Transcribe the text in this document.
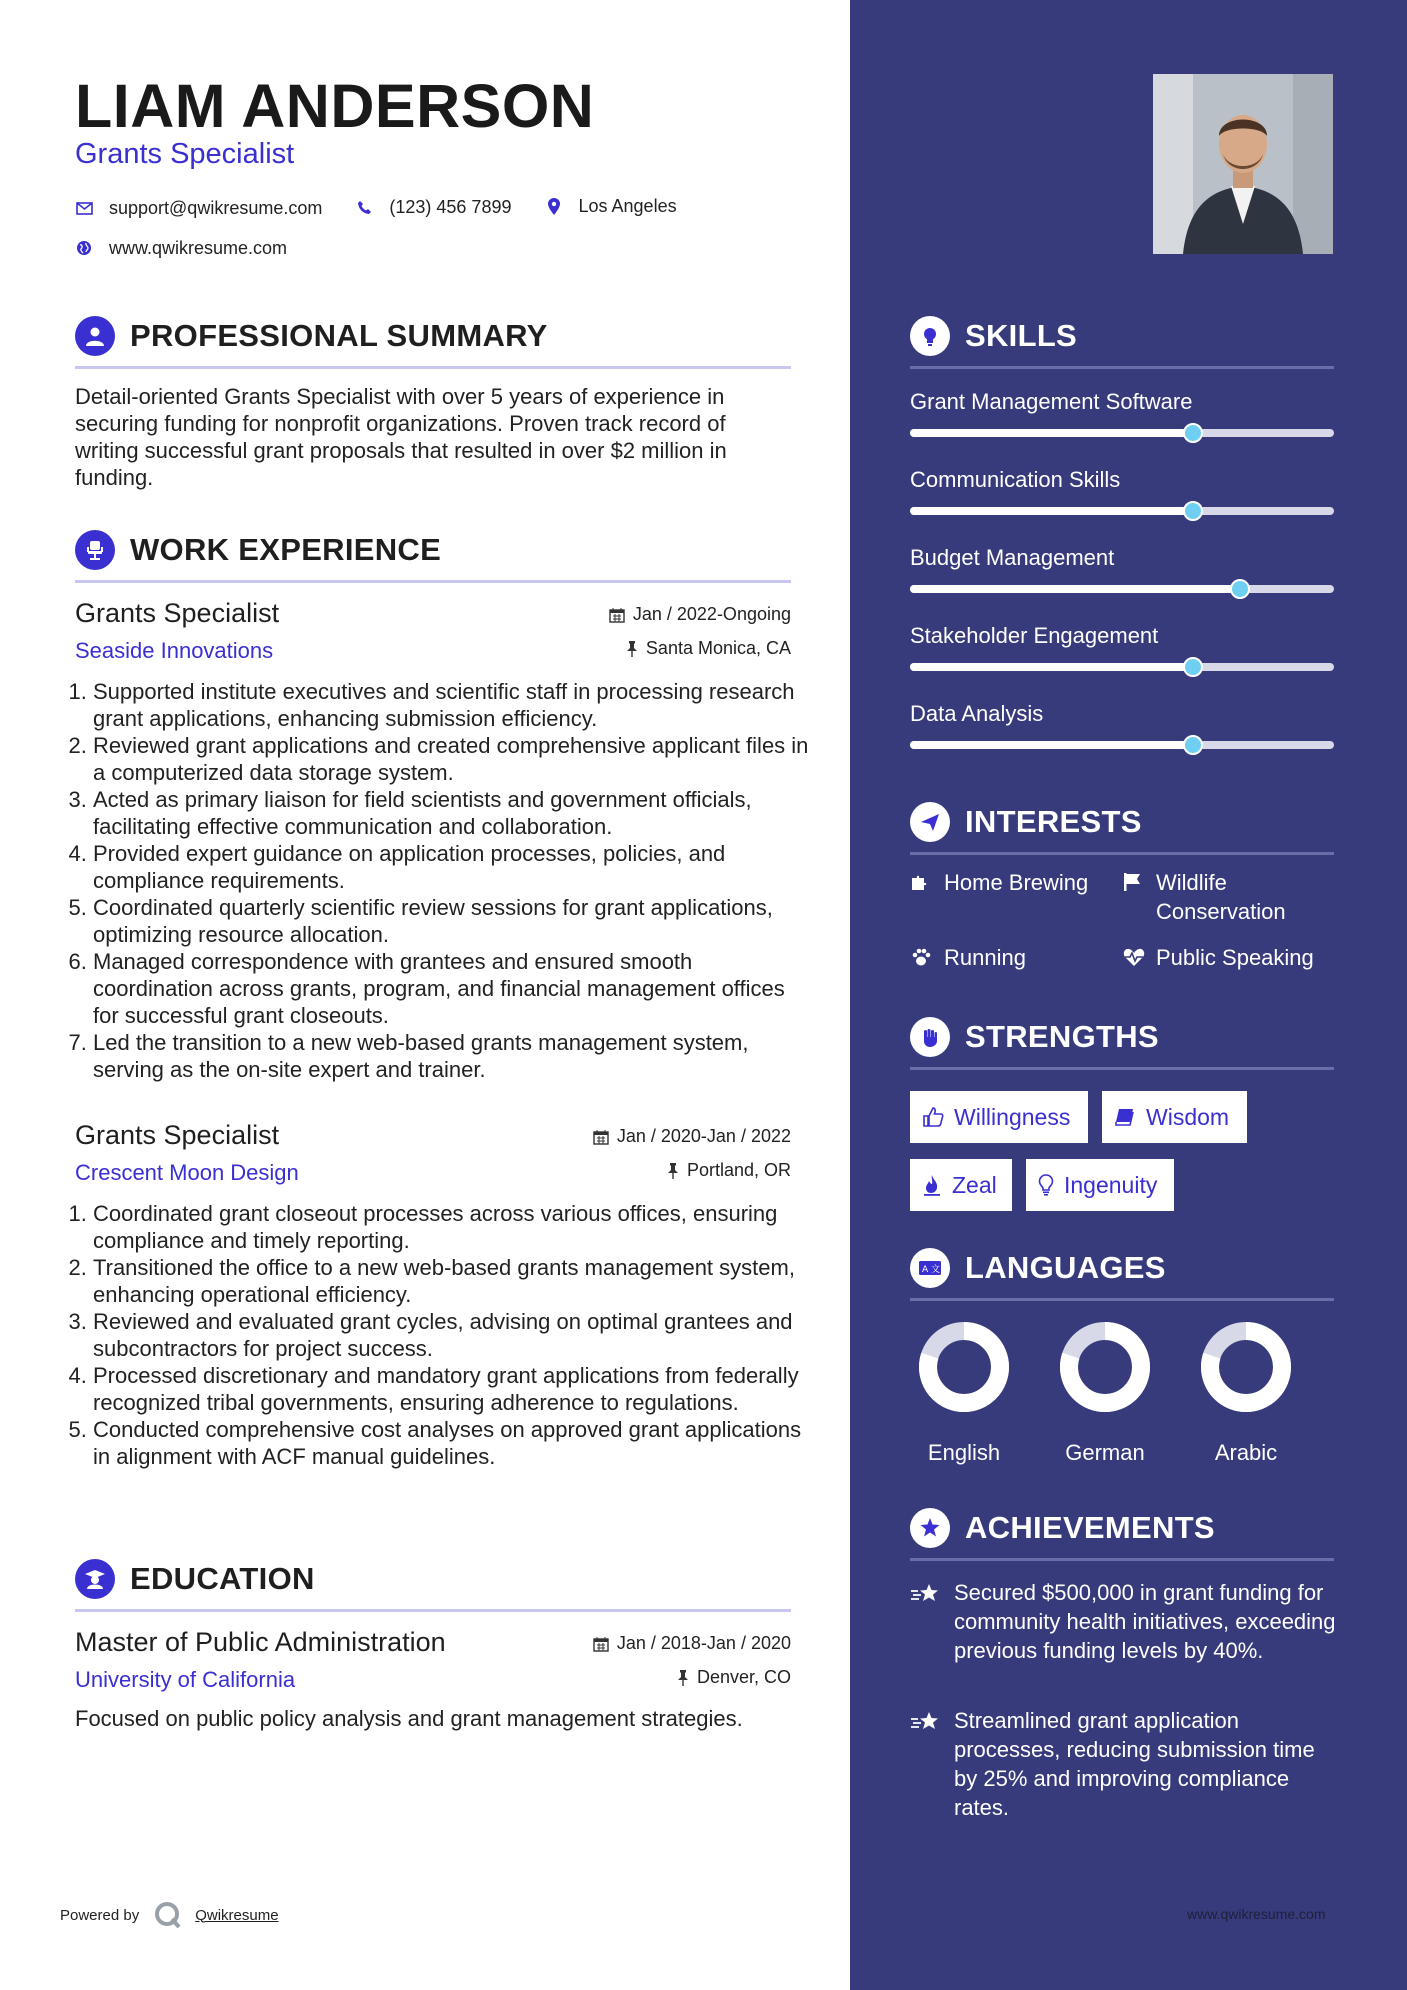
LIAM ANDERSON
Grants Specialist
support@qwikresume.com
	(123) 456 7899
	Los Angeles
www.qwikresume.com
PROFESSIONAL SUMMARY

Detail-oriented Grants Specialist with over 5 years of experience in securing funding for nonprofit organizations. Proven track record of writing successful grant proposals that resulted in over $2 million in funding.

WORK EXPERIENCE
Grants Specialist
Seaside Innovations
Jan / 2022-Ongoing
Santa Monica, CA
1. Supported institute executives and scientific staff in processing research grant applications, enhancing submission efficiency.
2. Reviewed grant applications and created comprehensive applicant files in a computerized data storage system.
3. Acted as primary liaison for field scientists and government officials, facilitating effective communication and collaboration.
4. Provided expert guidance on application processes, policies, and compliance requirements.
5. Coordinated quarterly scientific review sessions for grant applications, optimizing resource allocation.
6. Managed correspondence with grantees and ensured smooth coordination across grants, program, and financial management offices for successful grant closeouts.
7. Led the transition to a new web-based grants management system, serving as the on-site expert and trainer.
Grants Specialist
Crescent Moon Design
Jan / 2020-Jan / 2022
Portland, OR
1. Coordinated grant closeout processes across various offices, ensuring compliance and timely reporting.
2. Transitioned the office to a new web-based grants management system, enhancing operational efficiency.
3. Reviewed and evaluated grant cycles, advising on optimal grantees and subcontractors for project success.
4. Processed discretionary and mandatory grant applications from federally recognized tribal governments, ensuring adherence to regulations.
5. Conducted comprehensive cost analyses on approved grant applications in alignment with ACF manual guidelines.
EDUCATION
Master of Public Administration
University of California
Jan / 2018-Jan / 2020
Denver, CO

Focused on public policy analysis and grant management strategies.

Powered by	Qwikresume
SKILLS
Grant Management Software
Communication Skills
Budget Management
Stakeholder Engagement
Data Analysis
INTERESTS
Home Brewing	Wildlife Conservation
Running	Public Speaking
STRENGTHS
Willingness	Wisdom
Zeal	Ingenuity
A 文 LANGUAGES
English	German	Arabic
ACHIEVEMENTS
Secured $500,000 in grant funding for community health initiatives, exceeding previous funding levels by 40%.
Streamlined grant application processes, reducing submission time by 25% and improving compliance rates.
www.qwikresume.com
